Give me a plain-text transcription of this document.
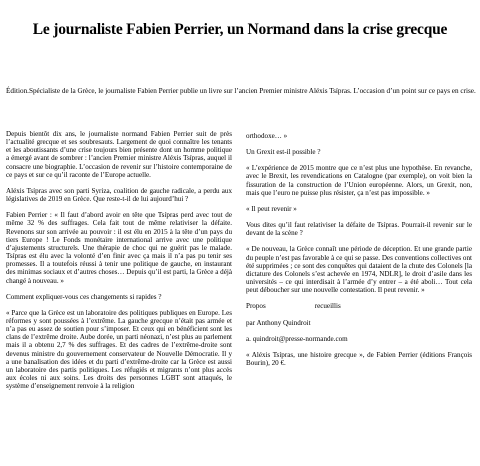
Le journaliste Fabien Perrier, un Normand dans la crise grecque
Édition.Spécialiste de la Grèce, le journaliste Fabien Perrier publie un livre sur l’ancien Premier ministre Aléxis Tsípras. L’occasion d’un point sur ce pays en crise.

Depuis bientôt dix ans, le journaliste normand Fabien Perrier suit de près l’actualité grecque et ses soubresauts. Largement de quoi connaître les tenants et les aboutissants d’une crise toujours bien présente dont un homme politique a émergé avant de sombrer : l’ancien Premier ministre Aléxis Tsípras, auquel il consacre une biographie. L’occasion de revenir sur l’histoire contemporaine de ce pays et sur ce qu’il raconte de l’Europe actuelle.

Aléxis Tsípras avec son parti Syriza, coalition de gauche radicale, a perdu aux législatives de 2019 en Grèce. Que reste-t-il de lui aujourd’hui ?

Fabien Perrier : « Il faut d’abord avoir en tête que Tsípras perd avec tout de même 32 % des suffrages. Cela fait tout de même relativiser la défaite. Revenons sur son arrivée au pouvoir : il est élu en 2015 à la tête d’un pays du tiers Europe ! Le Fonds monétaire international arrive avec une politique d’ajustements structurels. Une thérapie de choc qui ne guérit pas le malade. Tsípras est élu avec la volonté d’en finir avec ça mais il n’a pas pu tenir ses promesses. Il a toutefois réussi à tenir une politique de gauche, en instaurant des minimas sociaux et d’autres choses… Depuis qu’il est parti, la Grèce a déjà changé à nouveau. »

Comment expliquer-vous ces changements si rapides ?

« Parce que la Grèce est un laboratoire des politiques publiques en Europe. Les réformes y sont poussées à l’extrême. La gauche grecque n’était pas armée et n’a pas eu assez de soutien pour s’imposer. Et ceux qui en bénéficient sont les clans de l’extrême droite. Aube dorée, un parti néonazi, n’est plus au parlement mais il a obtenu 2,7 % des suffrages. Et des cadres de l’extrême-droite sont devenus ministre du gouvernement conservateur de Nouvelle Démocratie. Il y a une banalisation des idées et du parti d’extrême-droite car la Grèce est aussi un laboratoire des partis politiques. Les réfugiés et migrants n’ont plus accès aux écoles ni aux soins. Les droits des personnes LGBT sont attaqués, le système d’enseignement renvoie à la religion

orthodoxe… »

Un Grexit est-il possible ?

« L’expérience de 2015 montre que ce n’est plus une hypothèse. En revanche, avec le Brexit, les revendications en Catalogne (par exemple), on voit bien la fissuration de la construction de l’Union européenne. Alors, un Grexit, non, mais que l’euro ne puisse plus résister, ça n’est pas impossible. »

« Il peut revenir »

Vous dites qu’il faut relativiser la défaite de Tsípras. Pourrait-il revenir sur le devant de la scène ?

« De nouveau, la Grèce connaît une période de déception. Et une grande partie du peuple n’est pas favorable à ce qui se passe. Des conventions collectives ont été supprimées ; ce sont des conquêtes qui dataient de la chute des Colonels [la dictature des Colonels s’est achevée en 1974, NDLR], le droit d’asile dans les universités – ce qui interdisait à l’armée d’y entrer – a été aboli… Tout cela peut déboucher sur une nouvelle contestation. Il peut revenir. »

Propos	recueillis

par Anthony Quindroit

a. quindroit@presse-normande.com

« Aléxis Tsípras, une histoire grecque », de Fabien Perrier (éditions François Bourin), 20 €.
